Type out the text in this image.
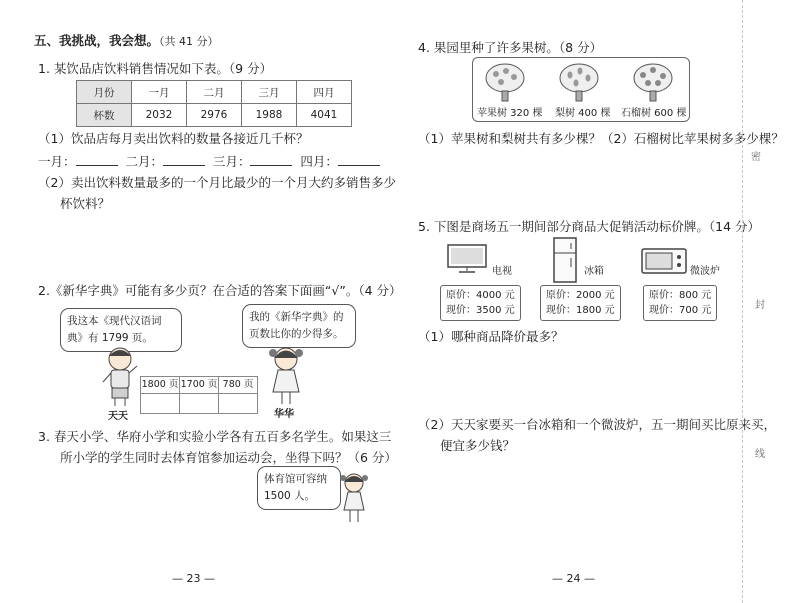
五、我挑战，我会想。（共 41 分）
1. 某饮品店饮料销售情况如下表。（9 分）
月份	一月	二月	三月	四月
杯数	2032	2976	1988	4041
（1）饮品店每月卖出饮料的数量各接近几千杯？
一月：	二月：	三月：	四月：
（2）卖出饮料数量最多的一个月比最少的一个月大约多销售多少
杯饮料？
2.《新华字典》可能有多少页？在合适的答案下面画“√”。（4 分）
我这本《现代汉语词典》有 1799 页。
我的《新华字典》的页数比你的少得多。
天天
1800 页 1700 页 780 页
华华
3. 春天小学、华府小学和实验小学各有五百多名学生。如果这三
所小学的学生同时去体育馆参加运动会，坐得下吗？（6 分）
体育馆可容纳 1500 人。
— 23 —
4. 果园里种了许多果树。（8 分）
苹果树 320 棵 梨树 400 棵 石榴树 600 棵
（1）苹果树和梨树共有多少棵？（2）石榴树比苹果树多多少棵？
5. 下图是商场五一期间部分商品大促销活动标价牌。（14 分）
电视	冰箱	微波炉
原价：4000 元
现价：3500 元
原价：2000 元
现价：1800 元
原价：800 元
现价：700 元
（1）哪种商品降价最多？
（2）天天家要买一台冰箱和一个微波炉，五一期间买比原来买，
便宜多少钱？
— 24 —
密
封
线
